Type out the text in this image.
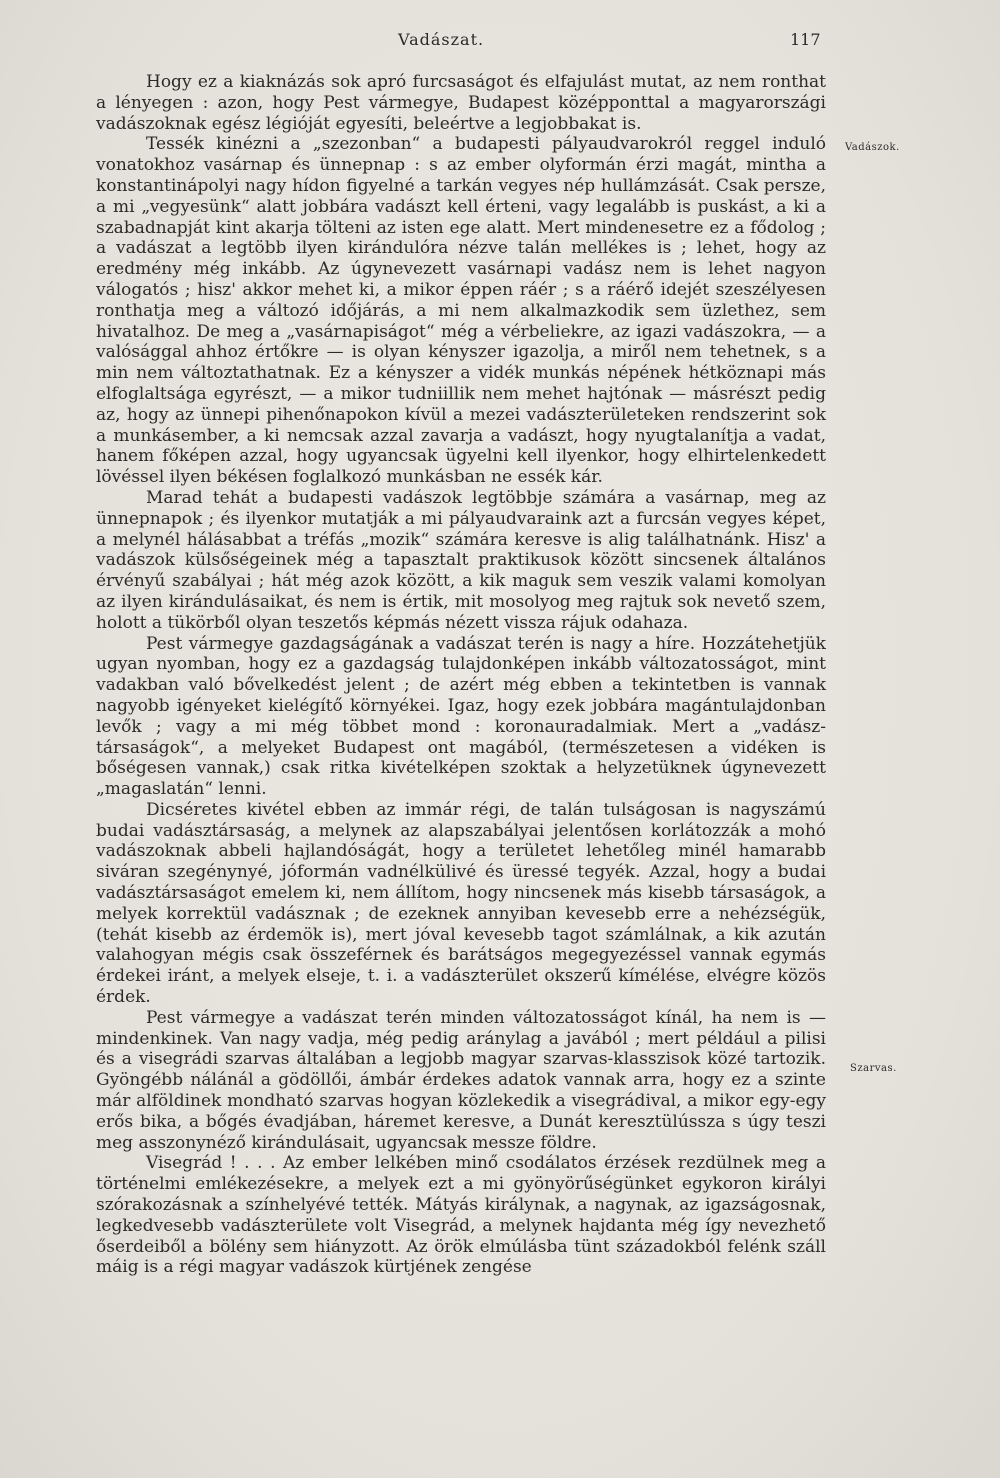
Vadászat.	117

Hogy ez a kiaknázás sok apró furcsaságot és elfajulást mutat, az nem ronthat a lényegen : azon, hogy Pest vármegye, Budapest középponttal a magyarországi vadászoknak egész légióját egyesíti, beleértve a legjobbakat is.

Tessék kinézni a „szezonban“ a budapesti pályaudvarokról reggel induló vonatokhoz vasárnap és ünnepnap : s az ember olyformán érzi magát, mintha a konstantinápolyi nagy hídon figyelné a tarkán vegyes nép hullámzását. Csak persze, a mi „vegyesünk“ alatt jobbára vadászt kell érteni, vagy legalább is puskást, a ki a szabadnapját kint akarja tölteni az isten ege alatt. Mert mindenesetre ez a fődolog ; a vadászat a legtöbb ilyen kirándulóra nézve talán mellékes is ; lehet, hogy az eredmény még inkább. Az úgynevezett vasárnapi vadász nem is lehet nagyon válogatós ; hisz' akkor mehet ki, a mikor éppen ráér ; s a ráérő idejét szeszélyesen ronthatja meg a változó időjárás, a mi nem alkalmazkodik sem üzlethez, sem hivatalhoz. De meg a „vasárnapiságot“ még a vérbeliekre, az igazi vadászokra, — a valósággal ahhoz értőkre — is olyan kényszer igazolja, a miről nem tehetnek, s a min nem változtathatnak. Ez a kényszer a vidék munkás népének hétköznapi más elfoglaltsága egyrészt, — a mikor tudniillik nem mehet hajtónak — másrészt pedig az, hogy az ünnepi pihenőnapokon kívül a mezei vadászterületeken rendszerint sok a munkásember, a ki nemcsak azzal zavarja a vadászt, hogy nyugtalanítja a vadat, hanem főképen azzal, hogy ugyancsak ügyelni kell ilyenkor, hogy elhirtelenkedett lövéssel ilyen békésen foglalkozó munkásban ne essék kár.

Marad tehát a budapesti vadászok legtöbbje számára a vasárnap, meg az ünnepnapok ; és ilyenkor mutatják a mi pályaudvaraink azt a furcsán vegyes képet, a melynél hálásabbat a tréfás „mozik“ számára keresve is alig találhatnánk. Hisz' a vadászok külsőségeinek még a tapasztalt praktikusok között sincsenek általános érvényű szabályai ; hát még azok között, a kik maguk sem veszik valami komolyan az ilyen kirándulásaikat, és nem is értik, mit mosolyog meg rajtuk sok nevető szem, holott a tükörből olyan teszetős képmás nézett vissza rájuk odahaza.

Pest vármegye gazdagságának a vadászat terén is nagy a híre. Hozzátehetjük ugyan nyomban, hogy ez a gazdagság tulajdonképen inkább változatosságot, mint vadakban való bővelkedést jelent ; de azért még ebben a tekintetben is vannak nagyobb igényeket kielégítő környékei. Igaz, hogy ezek jobbára magántulajdonban levők ; vagy a mi még többet mond : koronauradalmiak. Mert a „vadász-társaságok“, a melyeket Budapest ont magából, (természetesen a vidéken is bőségesen vannak,) csak ritka kivételképen szoktak a helyzetüknek úgynevezett „magaslatán“ lenni.

Dicséretes kivétel ebben az immár régi, de talán tulságosan is nagyszámú budai vadásztársaság, a melynek az alapszabályai jelentősen korlátozzák a mohó vadászoknak abbeli hajlandóságát, hogy a területet lehetőleg minél hamarabb siváran szegénynyé, jóformán vadnélkülivé és üressé tegyék. Azzal, hogy a budai vadásztársaságot emelem ki, nem állítom, hogy nincsenek más kisebb társaságok, a melyek korrektül vadásznak ; de ezeknek annyiban kevesebb erre a nehézségük, (tehát kisebb az érdemök is), mert jóval kevesebb tagot számlálnak, a kik azután valahogyan mégis csak összeférnek és barátságos megegyezéssel vannak egymás érdekei iránt, a melyek elseje, t. i. a vadászterület okszerű kímélése, elvégre közös érdek.

Pest vármegye a vadászat terén minden változatosságot kínál, ha nem is — mindenkinek. Van nagy vadja, még pedig aránylag a javából ; mert például a pilisi és a visegrádi szarvas általában a legjobb magyar szarvas-klasszisok közé tartozik. Gyöngébb nálánál a gödöllői, ámbár érdekes adatok vannak arra, hogy ez a szinte már alföldinek mondható szarvas hogyan közlekedik a visegrádival, a mikor egy-egy erős bika, a bőgés évadjában, háremet keresve, a Dunát keresztülússza s úgy teszi meg asszonynéző kirándulásait, ugyancsak messze földre.

Visegrád ! . . . Az ember lelkében minő csodálatos érzések rezdülnek meg a történelmi emlékezésekre, a melyek ezt a mi gyönyörűségünket egykoron királyi szórakozásnak a színhelyévé tették. Mátyás királynak, a nagynak, az igazságosnak, legkedvesebb vadászterülete volt Visegrád, a melynek hajdanta még így nevezhető őserdeiből a bölény sem hiányzott. Az örök elmúlásba tünt századokból felénk száll máig is a régi magyar vadászok kürtjének zengése

Vadászok.
Szarvas.
